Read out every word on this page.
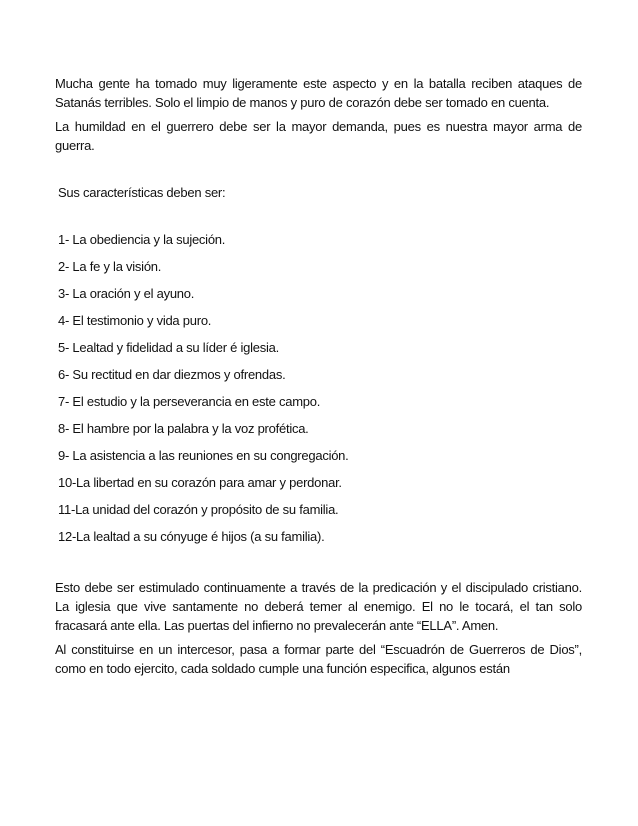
Mucha gente ha tomado muy ligeramente este aspecto y en la batalla reciben ataques de Satanás terribles. Solo el limpio de manos y puro de corazón debe ser tomado en cuenta.

La humildad en el guerrero debe ser la mayor demanda, pues es nuestra mayor arma de guerra.

Sus características deben ser:

1- La obediencia y la sujeción.
2- La fe y la visión.
3- La oración y el ayuno.
4- El testimonio y vida puro.
5- Lealtad y fidelidad a su líder é iglesia.
6- Su rectitud en dar diezmos y ofrendas.
7- El estudio y la perseverancia en este campo.
8- El hambre por la palabra y la voz profética.
9- La asistencia a las reuniones en su congregación.
10-La libertad en su corazón para amar y perdonar.
11-La unidad del corazón y propósito de su familia.
12-La lealtad a su cónyuge é hijos (a su familia).

Esto debe ser estimulado continuamente a través de la predicación y el discipulado cristiano. La iglesia que vive santamente no deberá temer al enemigo. El no le tocará, el tan solo fracasará ante ella. Las puertas del infierno no prevalecerán ante “ELLA”. Amen.

Al constituirse en un intercesor, pasa a formar parte del “Escuadrón de Guerreros de Dios”, como en todo ejercito, cada soldado cumple una función especifica, algunos están
